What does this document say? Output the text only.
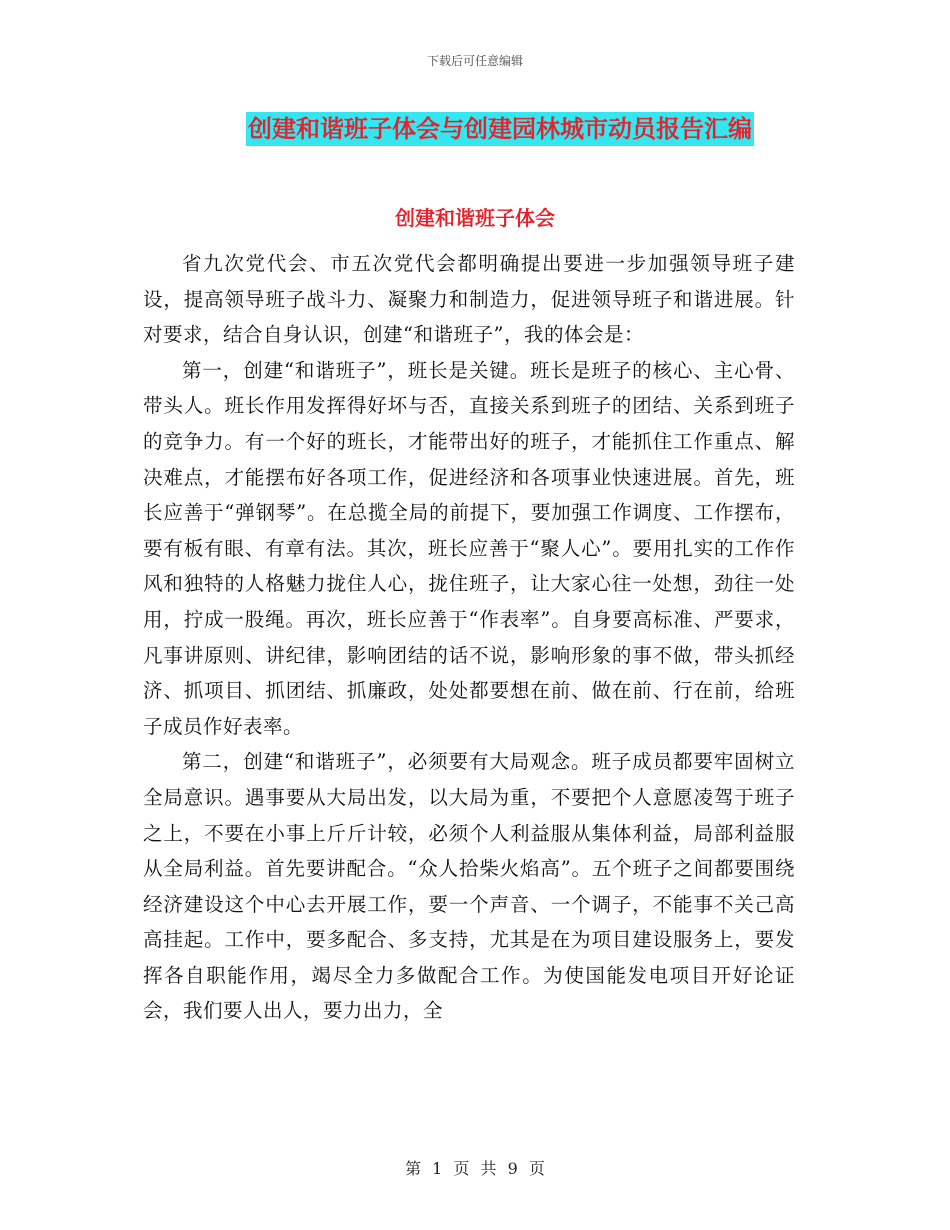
下载后可任意编辑
创建和谐班子体会与创建园林城市动员报告汇编
创建和谐班子体会

省九次党代会、市五次党代会都明确提出要进一步加强领导班子建设，提高领导班子战斗力、凝聚力和制造力，促进领导班子和谐进展。针对要求，结合自身认识，创建“和谐班子”，我的体会是：

第一，创建“和谐班子”，班长是关键。班长是班子的核心、主心骨、带头人。班长作用发挥得好坏与否，直接关系到班子的团结、关系到班子的竞争力。有一个好的班长，才能带出好的班子，才能抓住工作重点、解决难点，才能摆布好各项工作，促进经济和各项事业快速进展。首先，班长应善于“弹钢琴”。在总揽全局的前提下，要加强工作调度、工作摆布，要有板有眼、有章有法。其次，班长应善于“聚人心”。要用扎实的工作作风和独特的人格魅力拢住人心，拢住班子，让大家心往一处想，劲往一处用，拧成一股绳。再次，班长应善于“作表率”。自身要高标准、严要求，凡事讲原则、讲纪律，影响团结的话不说，影响形象的事不做，带头抓经济、抓项目、抓团结、抓廉政，处处都要想在前、做在前、行在前，给班子成员作好表率。

第二，创建“和谐班子”，必须要有大局观念。班子成员都要牢固树立全局意识。遇事要从大局出发，以大局为重，不要把个人意愿凌驾于班子之上，不要在小事上斤斤计较，必须个人利益服从集体利益，局部利益服从全局利益。首先要讲配合。“众人拾柴火焰高”。五个班子之间都要围绕经济建设这个中心去开展工作，要一个声音、一个调子，不能事不关己高高挂起。工作中，要多配合、多支持，尤其是在为项目建设服务上，要发挥各自职能作用，竭尽全力多做配合工作。为使国能发电项目开好论证会，我们要人出人，要力出力，全

第 1 页 共 9 页
